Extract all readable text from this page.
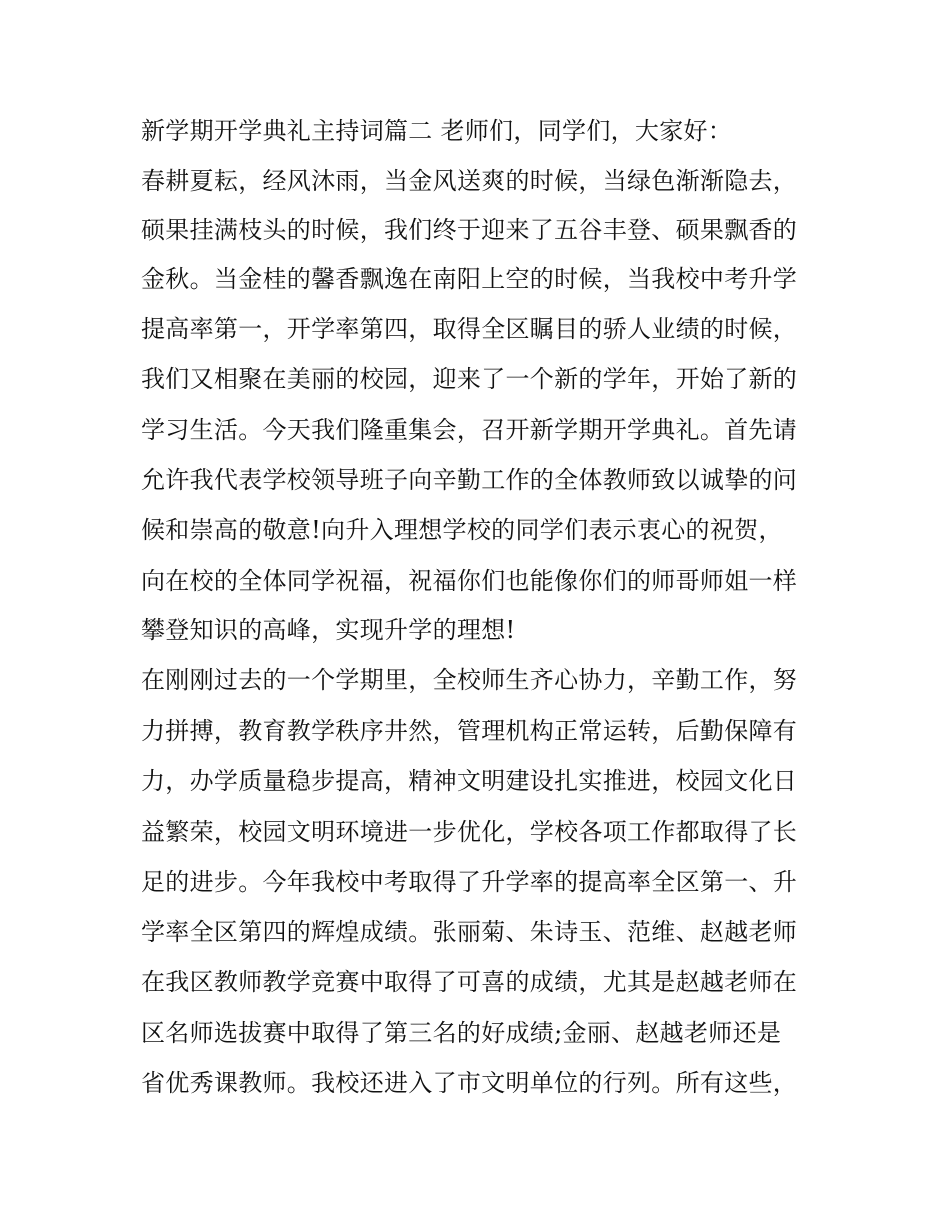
新学期开学典礼主持词篇二 老师们，同学们，大家好：
春耕夏耘，经风沐雨，当金风送爽的时候，当绿色渐渐隐去，
硕果挂满枝头的时候，我们终于迎来了五谷丰登、硕果飘香的
金秋。当金桂的馨香飘逸在南阳上空的时候，当我校中考升学
提高率第一，开学率第四，取得全区瞩目的骄人业绩的时候，
我们又相聚在美丽的校园，迎来了一个新的学年，开始了新的
学习生活。今天我们隆重集会，召开新学期开学典礼。首先请
允许我代表学校领导班子向辛勤工作的全体教师致以诚挚的问
候和崇高的敬意!向升入理想学校的同学们表示衷心的祝贺，
向在校的全体同学祝福，祝福你们也能像你们的师哥师姐一样
攀登知识的高峰，实现升学的理想!
在刚刚过去的一个学期里，全校师生齐心协力，辛勤工作，努
力拼搏，教育教学秩序井然，管理机构正常运转，后勤保障有
力，办学质量稳步提高，精神文明建设扎实推进，校园文化日
益繁荣，校园文明环境进一步优化，学校各项工作都取得了长
足的进步。今年我校中考取得了升学率的提高率全区第一、升
学率全区第四的辉煌成绩。张丽菊、朱诗玉、范维、赵越老师
在我区教师教学竞赛中取得了可喜的成绩，尤其是赵越老师在
区名师选拔赛中取得了第三名的好成绩;金丽、赵越老师还是
省优秀课教师。我校还进入了市文明单位的行列。所有这些，
